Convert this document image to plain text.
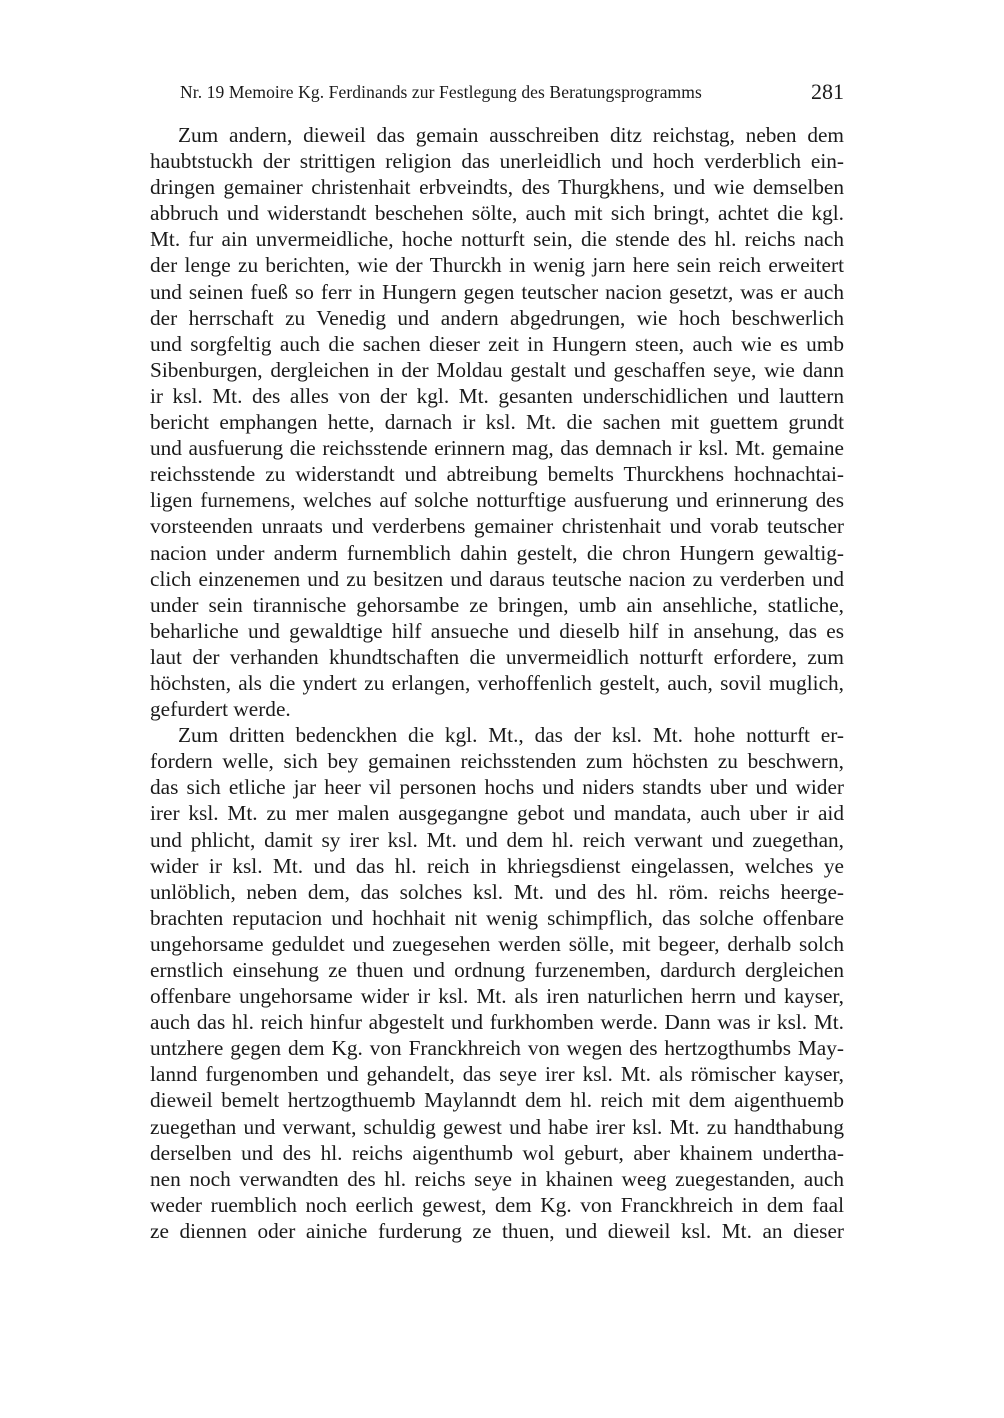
Nr. 19 Memoire Kg. Ferdinands zur Festlegung des Beratungsprogramms	281
Zum andern, dieweil das gemain ausschreiben ditz reichstag, neben dem
haubtstuckh der strittigen religion das unerleidlich und hoch verderblich ein-
dringen gemainer christenhait erbveindts, des Thurgkhens, und wie demselben
abbruch und widerstandt beschehen sölte, auch mit sich bringt, achtet die kgl.
Mt. fur ain unvermeidliche, hoche notturft sein, die stende des hl. reichs nach
der lenge zu berichten, wie der Thurckh in wenig jarn here sein reich erweitert
und seinen fueß so ferr in Hungern gegen teutscher nacion gesetzt, was er auch
der herrschaft zu Venedig und andern abgedrungen, wie hoch beschwerlich
und sorgfeltig auch die sachen dieser zeit in Hungern steen, auch wie es umb
Sibenburgen, dergleichen in der Moldau gestalt und geschaffen seye, wie dann
ir ksl. Mt. des alles von der kgl. Mt. gesanten underschidlichen und lauttern
bericht emphangen hette, darnach ir ksl. Mt. die sachen mit guettem grundt
und ausfuerung die reichsstende erinnern mag, das demnach ir ksl. Mt. gemaine
reichsstende zu widerstandt und abtreibung bemelts Thurckhens hochnachtai-
ligen furnemens, welches auf solche notturftige ausfuerung und erinnerung des
vorsteenden unraats und verderbens gemainer christenhait und vorab teutscher
nacion under anderm furnemblich dahin gestelt, die chron Hungern gewaltig-
clich einzenemen und zu besitzen und daraus teutsche nacion zu verderben und
under sein tirannische gehorsambe ze bringen, umb ain ansehliche, statliche,
beharliche und gewaldtige hilf ansueche und dieselb hilf in ansehung, das es
laut der verhanden khundtschaften die unvermeidlich notturft erfordere, zum
höchsten, als die yndert zu erlangen, verhoffenlich gestelt, auch, sovil muglich,
gefurdert werde.
Zum dritten bedenckhen die kgl. Mt., das der ksl. Mt. hohe notturft er-
fordern welle, sich bey gemainen reichsstenden zum höchsten zu beschwern,
das sich etliche jar heer vil personen hochs und niders standts uber und wider
irer ksl. Mt. zu mer malen ausgegangne gebot und mandata, auch uber ir aid
und phlicht, damit sy irer ksl. Mt. und dem hl. reich verwant und zuegethan,
wider ir ksl. Mt. und das hl. reich in khriegsdienst eingelassen, welches ye
unlöblich, neben dem, das solches ksl. Mt. und des hl. röm. reichs heerge-
brachten reputacion und hochhait nit wenig schimpflich, das solche offenbare
ungehorsame geduldet und zuegesehen werden sölle, mit begeer, derhalb solch
ernstlich einsehung ze thuen und ordnung furzenemben, dardurch dergleichen
offenbare ungehorsame wider ir ksl. Mt. als iren naturlichen herrn und kayser,
auch das hl. reich hinfur abgestelt und furkhomben werde. Dann was ir ksl. Mt.
untzhere gegen dem Kg. von Franckhreich von wegen des hertzogthumbs May-
lannd furgenomben und gehandelt, das seye irer ksl. Mt. als römischer kayser,
dieweil bemelt hertzogthuemb Maylanndt dem hl. reich mit dem aigenthuemb
zuegethan und verwant, schuldig gewest und habe irer ksl. Mt. zu handthabung
derselben und des hl. reichs aigenthumb wol geburt, aber khainem underthа-
nen noch verwandten des hl. reichs seye in khainen weeg zuegestanden, auch
weder ruemblich noch eerlich gewest, dem Kg. von Franckhreich in dem faal
ze diennen oder ainiche furderung ze thuen, und dieweil ksl. Mt. an dieser
